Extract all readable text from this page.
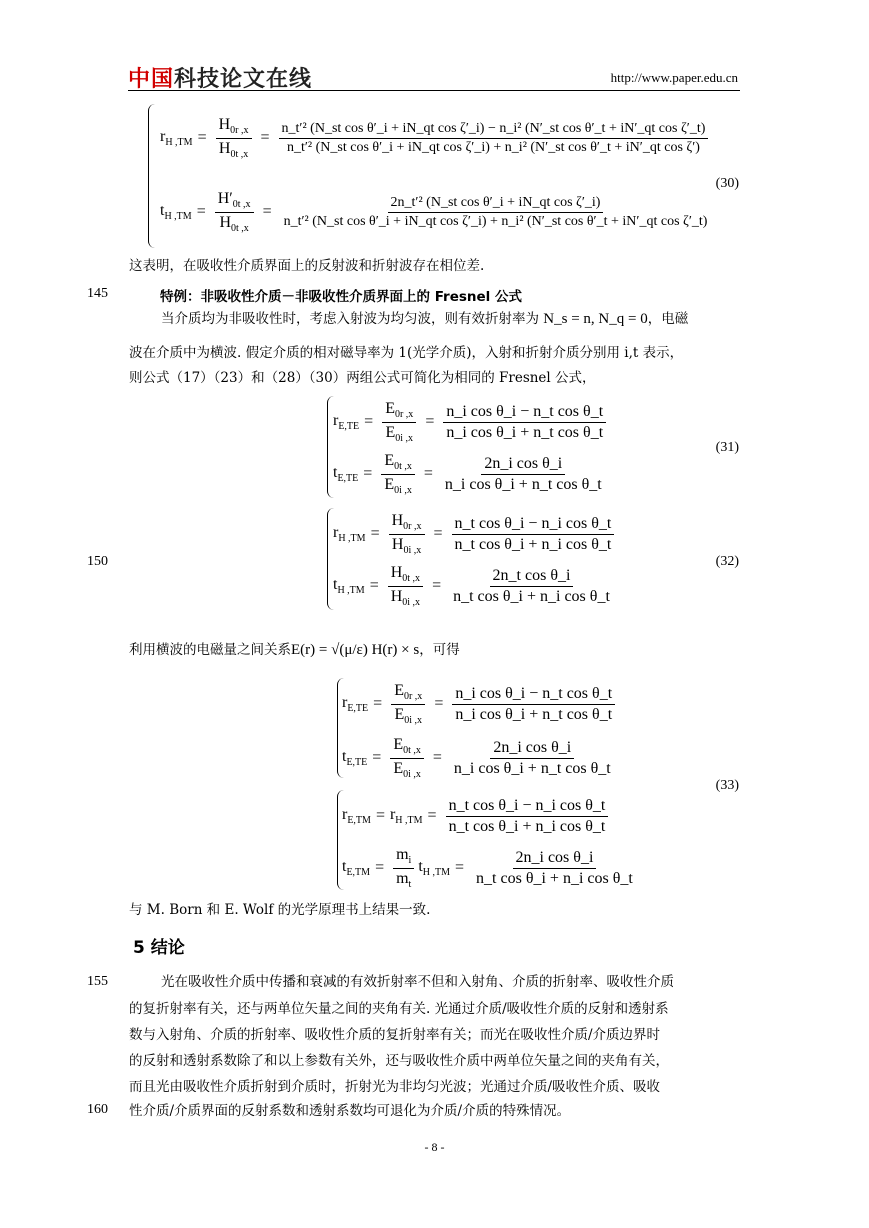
中国科技论文在线	http://www.paper.edu.cn
$r_{H ,TM} = \frac{H_{0r ,x}}{H_{0t ,x}}$ =
n_t′² (N_st cos θ′_i + iN_qt cos ζ′_i) − n_i² (N′_st cos θ′_t + iN′_qt cos ζ′_t)
n_t′² (N_st cos θ′_i + iN_qt cos ζ′_i) + n_i² (N′_st cos θ′_t + iN′_qt cos ζ′)
$t_{H ,TM} = \frac{H'_{0t ,x}}{H_{0t ,x}}$ =
2n_t′² (N_st cos θ′_i + iN_qt cos ζ′_i)
n_t′² (N_st cos θ′_i + iN_qt cos ζ′_i) + n_i² (N′_st cos θ′_t + iN′_qt cos ζ′_t)
(30)

这表明，在吸收性介质界面上的反射波和折射波存在相位差.

145	特例：非吸收性介质－非吸收性介质界面上的 Fresnel 公式

当介质均为非吸收性时，考虑入射波为均匀波，则有效折射率为 N_s = n, N_q = 0，电磁

波在介质中为横波. 假定介质的相对磁导率为 1(光学介质)，入射和折射介质分别用 i,t 表示，

则公式（17）（23）和（28）（30）两组公式可简化为相同的 Fresnel 公式，

$r_{E,TE} = \frac{E_{0r ,x}}{E_{0i ,x}} = \frac{\text{n\_i cos θ\_i − n\_t cos θ\_t}}{\text{n\_i cos θ\_i + n\_t cos θ\_t}}$
$t_{E,TE} = \frac{E_{0t ,x}}{E_{0i ,x}} = \frac{\text{2n\_i cos θ\_i}}{\text{n\_i cos θ\_i + n\_t cos θ\_t}}$
(31)
$r_{H ,TM} = \frac{H_{0r ,x}}{H_{0i ,x}} = \frac{\text{n\_t cos θ\_i − n\_i cos θ\_t}}{\text{n\_t cos θ\_i + n\_i cos θ\_t}}$
$t_{H ,TM} = \frac{H_{0t ,x}}{H_{0i ,x}} = \frac{\text{2n\_t cos θ\_i}}{\text{n\_t cos θ\_i + n\_i cos θ\_t}}$
150	(32)

利用横波的电磁量之间关系E(r) = √(μ/ε) H(r) × s，可得

$r_{E,TE} = \frac{E_{0r ,x}}{E_{0i ,x}} = \frac{\text{n\_i cos θ\_i − n\_t cos θ\_t}}{\text{n\_i cos θ\_i + n\_t cos θ\_t}}$
$t_{E,TE} = \frac{E_{0t ,x}}{E_{0i ,x}} = \frac{\text{2n\_i cos θ\_i}}{\text{n\_i cos θ\_i + n\_t cos θ\_t}}$
$r_{E,TM} = r_{H ,TM} = \frac{\text{n\_t cos θ\_i − n\_i cos θ\_t}}{\text{n\_t cos θ\_i + n\_i cos θ\_t}}$
$t_{E,TM} = \frac{m_i}{m_t} t_{H ,TM} = \frac{\text{2n\_i cos θ\_i}}{\text{n\_t cos θ\_i + n\_i cos θ\_t}}$
(33)

与 M. Born 和 E. Wolf 的光学原理书上结果一致.

5 结论
155	光在吸收性介质中传播和衰减的有效折射率不但和入射角、介质的折射率、吸收性介质

的复折射率有关，还与两单位矢量之间的夹角有关. 光通过介质/吸收性介质的反射和透射系

数与入射角、介质的折射率、吸收性介质的复折射率有关；而光在吸收性介质/介质边界时

的反射和透射系数除了和以上参数有关外，还与吸收性介质中两单位矢量之间的夹角有关，

而且光由吸收性介质折射到介质时，折射光为非均匀光波；光通过介质/吸收性介质、吸收

160 性介质/介质界面的反射系数和透射系数均可退化为介质/介质的特殊情况。

- 8 -
